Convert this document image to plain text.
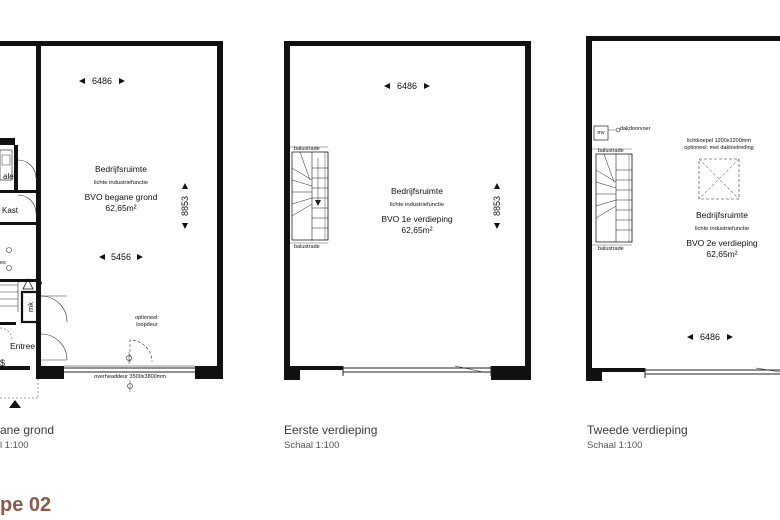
overheaddeur 3500x3800mm
optioneel:
loopdeur
alet
Kast
es
P
mk
Entree
$
Bedrijfsruimte
lichte industriefunctie
BVO begane grond
62,65m²
6486
5456
8853
balustrade
balustrade
Bedrijfsruimte
lichte industriefunctie
BVO 1e verdieping
62,65m²
6486
8853
mv
dakdoorvoer
balustrade
balustrade
lichtkoepel 1200x1200mm
optioneel: met daktoetreding
Bedrijfsruimte
lichte industriefunctie
BVO 2e verdieping
62,65m²
6486
ane grond
l 1:100
Eerste verdieping
Schaal 1:100
Tweede verdieping
Schaal 1:100
pe 02
